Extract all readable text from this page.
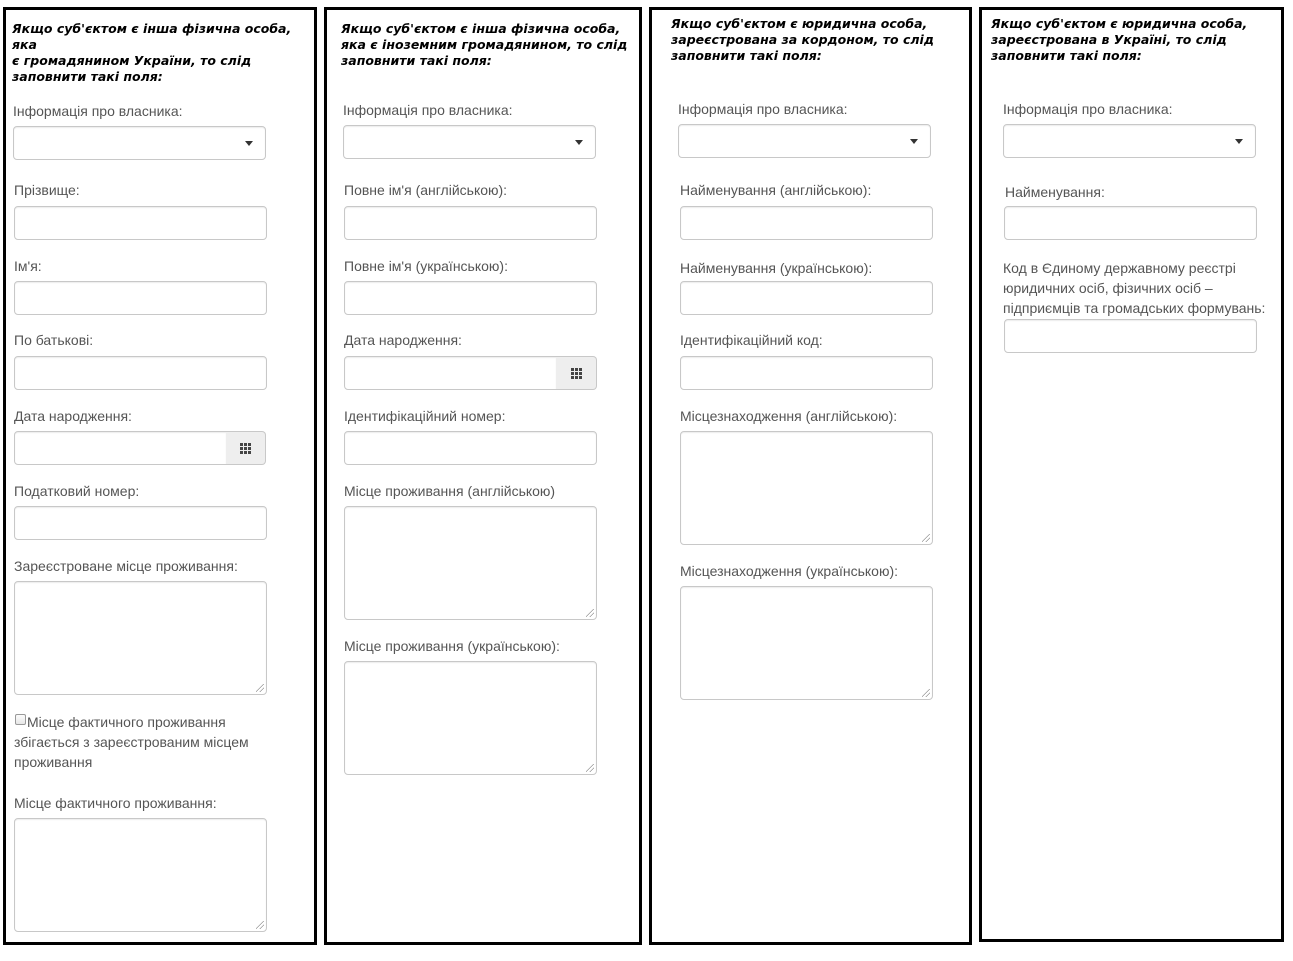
Якщо суб'єктом є інша фізична особа, яка
є громадянином України, то слід
заповнити такі поля:
Інформація про власника:
Прізвище:
Ім'я:
По батькові:
Дата народження:
Податковий номер:
Зареєстроване місце проживання:
Місце фактичного проживання
збігається з зареєстрованим місцем
проживання
Місце фактичного проживання:
Якщо суб'єктом є інша фізична особа,
яка є іноземним громадянином, то слід
заповнити такі поля:
Інформація про власника:
Повне ім'я (англійською):
Повне ім'я (українською):
Дата народження:
Ідентифікаційний номер:
Місце проживання (англійською)
Місце проживання (українською):
Якщо суб'єктом є юридична особа,
зареєстрована за кордоном, то слід
заповнити такі поля:
Інформація про власника:
Найменування (англійською):
Найменування (українською):
Ідентифікаційний код:
Місцезнаходження (англійською):
Місцезнаходження (українською):
Якщо суб'єктом є юридична особа,
зареєстрована в Україні, то слід
заповнити такі поля:
Інформація про власника:
Найменування:
Код в Єдиному державному реєстрі
юридичних осіб, фізичних осіб –
підприємців та громадських формувань:
